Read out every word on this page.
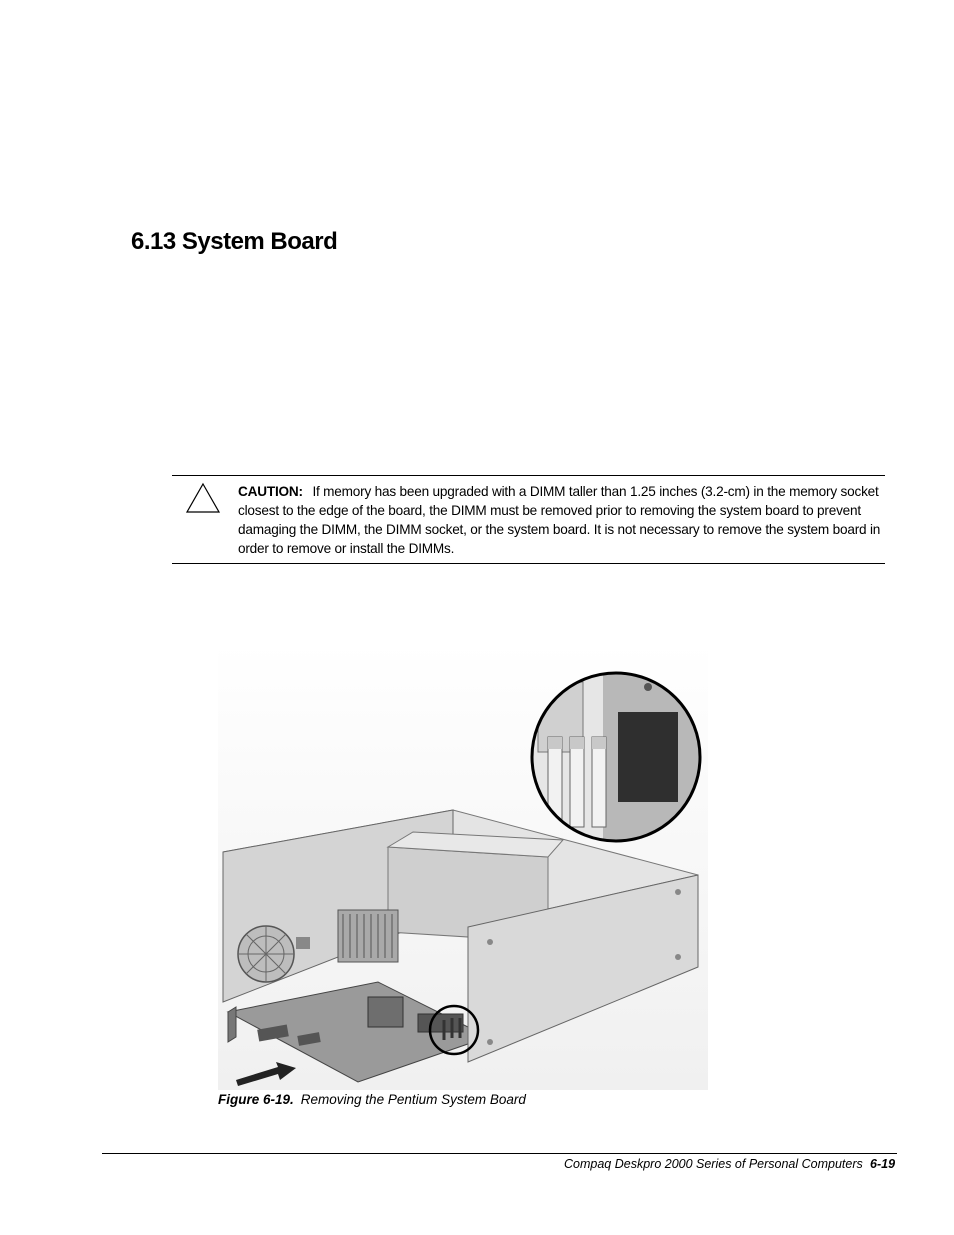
6.13 System Board
CAUTION: If memory has been upgraded with a DIMM taller than 1.25 inches (3.2-cm) in the memory socket closest to the edge of the board, the DIMM must be removed prior to removing the system board to prevent damaging the DIMM, the DIMM socket, or the system board. It is not necessary to remove the system board in order to remove or install the DIMMs.
Figure 6-19. Removing the Pentium System Board
Compaq Deskpro 2000 Series of Personal Computers 6-19
